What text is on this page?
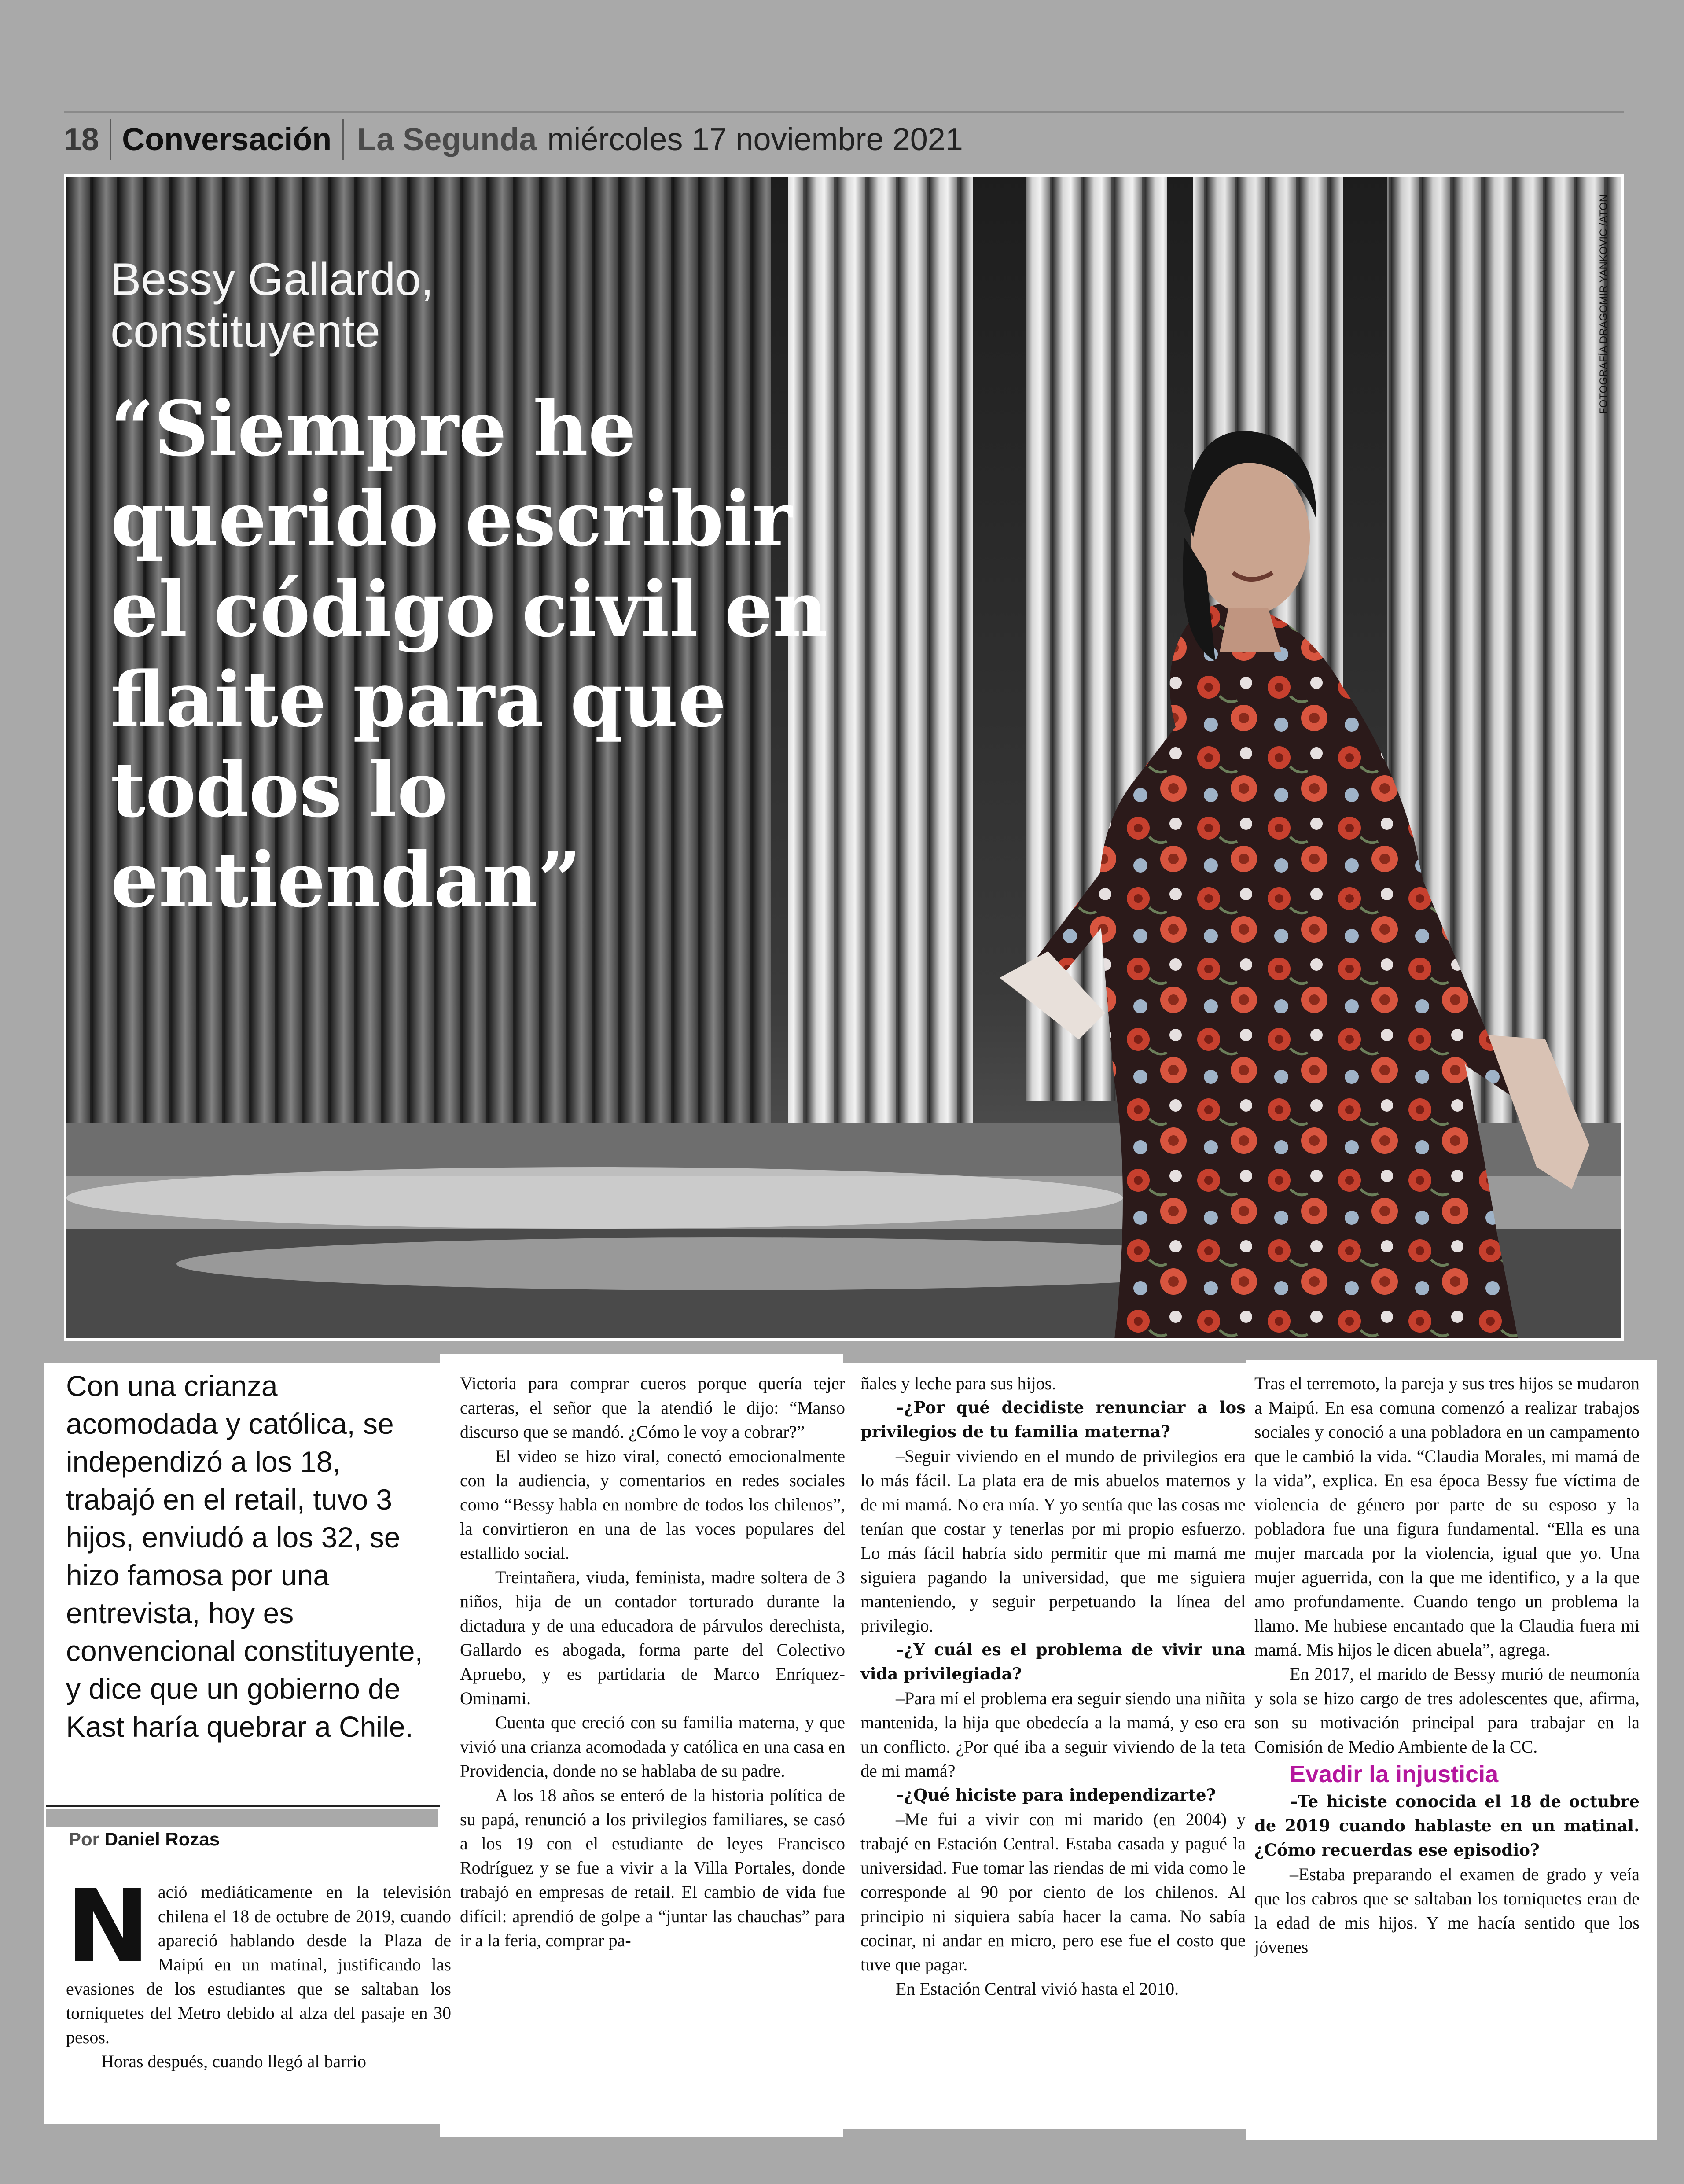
18 Conversación La Segunda miércoles 17 noviembre 2021
FOTOGRAFÍA DRAGOMIR YANKOVIC /ATON
Bessy Gallardo,
constituyente
“Siempre he querido escribir el código civil en flaite para que todos lo entiendan”
Con una crianza acomodada y católica, se independizó a los 18, trabajó en el retail, tuvo 3 hijos, enviudó a los 32, se hizo famosa por una entrevista, hoy es convencional constituyente, y dice que un gobierno de Kast haría quebrar a Chile.
Por Daniel Rozas

Nació mediáticamente en la televisión chilena el 18 de octubre de 2019, cuando apareció hablando desde la Plaza de Maipú en un matinal, justificando las evasiones de los estudiantes que se saltaban los torniquetes del Metro debido al alza del pasaje en 30 pesos.

Horas después, cuando llegó al barrio

Victoria para comprar cueros porque quería tejer carteras, el señor que la atendió le dijo: “Manso discurso que se mandó. ¿Cómo le voy a cobrar?”

El video se hizo viral, conectó emocionalmente con la audiencia, y comentarios en redes sociales como “Bessy habla en nombre de todos los chilenos”, la convirtieron en una de las voces populares del estallido social.

Treintañera, viuda, feminista, madre soltera de 3 niños, hija de un contador torturado durante la dictadura y de una educadora de párvulos derechista, Gallardo es abogada, forma parte del Colectivo Apruebo, y es partidaria de Marco Enríquez-Ominami.

Cuenta que creció con su familia materna, y que vivió una crianza acomodada y católica en una casa en Providencia, donde no se hablaba de su padre.

A los 18 años se enteró de la historia política de su papá, renunció a los privilegios familiares, se casó a los 19 con el estudiante de leyes Francisco Rodríguez y se fue a vivir a la Villa Portales, donde trabajó en empresas de retail. El cambio de vida fue difícil: aprendió de golpe a “juntar las chauchas” para ir a la feria, comprar pa-

ñales y leche para sus hijos.

–¿Por qué decidiste renunciar a los privilegios de tu familia materna?

–Seguir viviendo en el mundo de privilegios era lo más fácil. La plata era de mis abuelos maternos y de mi mamá. No era mía. Y yo sentía que las cosas me tenían que costar y tenerlas por mi propio esfuerzo. Lo más fácil habría sido permitir que mi mamá me siguiera pagando la universidad, que me siguiera manteniendo, y seguir perpetuando la línea del privilegio.

–¿Y cuál es el problema de vivir una vida privilegiada?

–Para mí el problema era seguir siendo una niñita mantenida, la hija que obedecía a la mamá, y eso era un conflicto. ¿Por qué iba a seguir viviendo de la teta de mi mamá?

–¿Qué hiciste para independizarte?

–Me fui a vivir con mi marido (en 2004) y trabajé en Estación Central. Estaba casada y pagué la universidad. Fue tomar las riendas de mi vida como le corresponde al 90 por ciento de los chilenos. Al principio ni siquiera sabía hacer la cama. No sabía cocinar, ni andar en micro, pero ese fue el costo que tuve que pagar.

En Estación Central vivió hasta el 2010.

Tras el terremoto, la pareja y sus tres hijos se mudaron a Maipú. En esa comuna comenzó a realizar trabajos sociales y conoció a una pobladora en un campamento que le cambió la vida. “Claudia Morales, mi mamá de la vida”, explica. En esa época Bessy fue víctima de violencia de género por parte de su esposo y la pobladora fue una figura fundamental. “Ella es una mujer marcada por la violencia, igual que yo. Una mujer aguerrida, con la que me identifico, y a la que amo profundamente. Cuando tengo un problema la llamo. Me hubiese encantado que la Claudia fuera mi mamá. Mis hijos le dicen abuela”, agrega.

En 2017, el marido de Bessy murió de neumonía y sola se hizo cargo de tres adolescentes que, afirma, son su motivación principal para trabajar en la Comisión de Medio Ambiente de la CC.

Evadir la injusticia

–Te hiciste conocida el 18 de octubre de 2019 cuando hablaste en un matinal. ¿Cómo recuerdas ese episodio?

–Estaba preparando el examen de grado y veía que los cabros que se saltaban los torniquetes eran de la edad de mis hijos. Y me hacía sentido que los jóvenes
